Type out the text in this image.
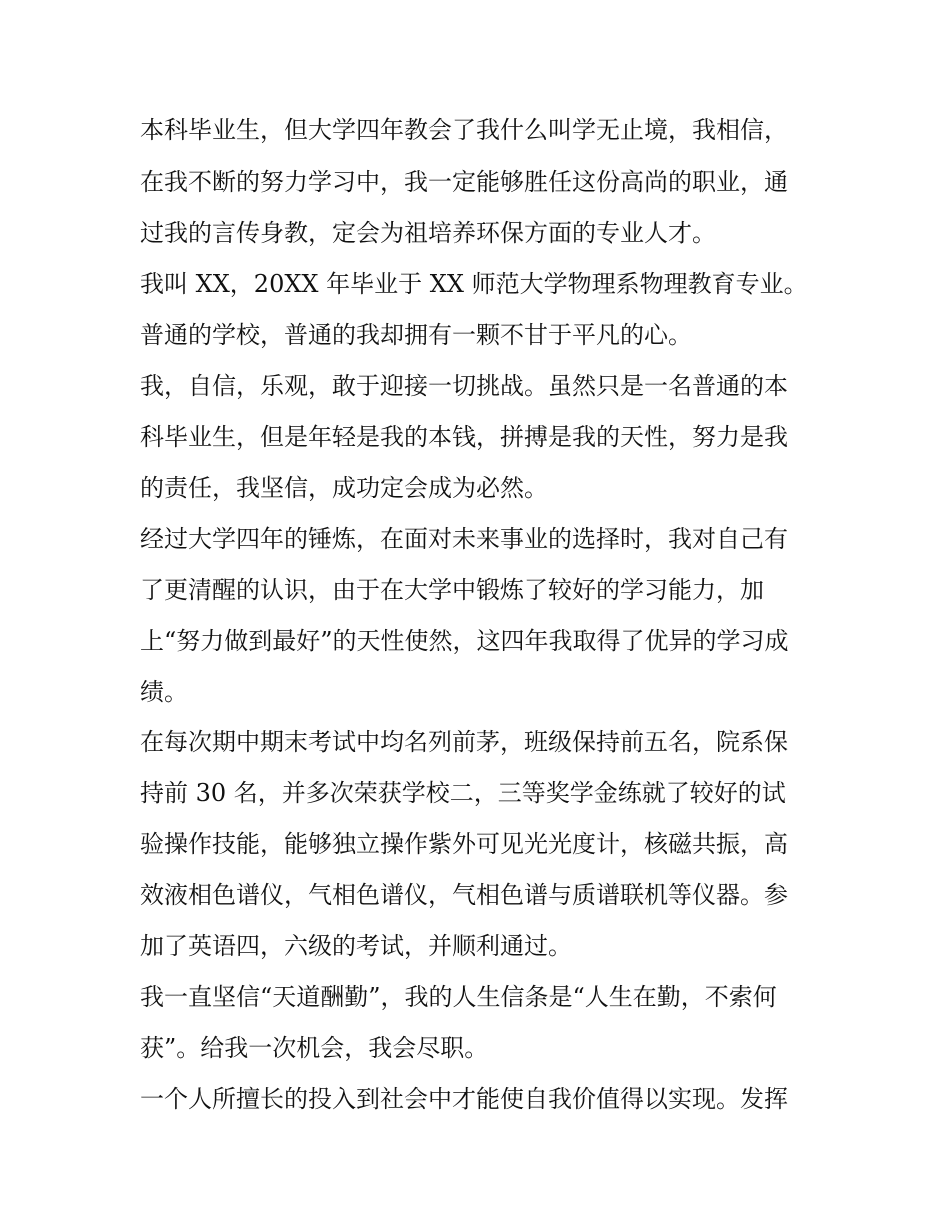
本科毕业生，但大学四年教会了我什么叫学无止境，我相信，
在我不断的努力学习中，我一定能够胜任这份高尚的职业，通
过我的言传身教，定会为祖培养环保方面的专业人才。
我叫 XX，20XX 年毕业于 XX 师范大学物理系物理教育专业。
普通的学校，普通的我却拥有一颗不甘于平凡的心。
我，自信，乐观，敢于迎接一切挑战。虽然只是一名普通的本
科毕业生，但是年轻是我的本钱，拼搏是我的天性，努力是我
的责任，我坚信，成功定会成为必然。
经过大学四年的锤炼，在面对未来事业的选择时，我对自己有
了更清醒的认识，由于在大学中锻炼了较好的学习能力，加
上“努力做到最好”的天性使然，这四年我取得了优异的学习成
绩。
在每次期中期末考试中均名列前茅，班级保持前五名，院系保
持前 30 名，并多次荣获学校二，三等奖学金练就了较好的试
验操作技能，能够独立操作紫外可见光光度计，核磁共振，高
效液相色谱仪，气相色谱仪，气相色谱与质谱联机等仪器。参
加了英语四，六级的考试，并顺利通过。
我一直坚信“天道酬勤”，我的人生信条是“人生在勤，不索何
获”。给我一次机会，我会尽职。
一个人所擅长的投入到社会中才能使自我价值得以实现。发挥
